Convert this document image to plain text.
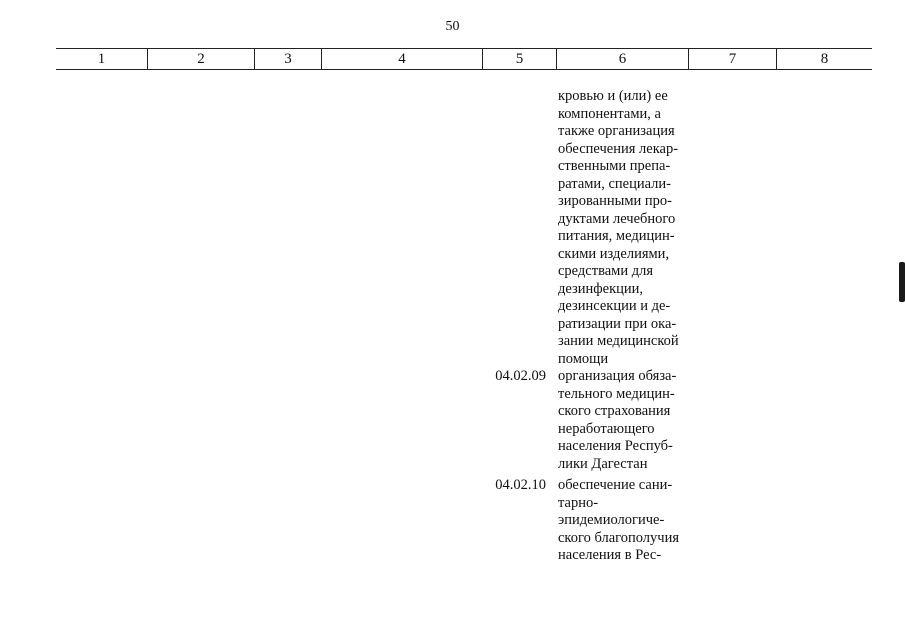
50
1	2	3	4	5	6	7	8
кровью и (или) ее
компонентами, а
также организация
обеспечения лекар-
ственными препа-
ратами, специали-
зированными про-
дуктами лечебного
питания, медицин-
скими изделиями,
средствами для
дезинфекции,
дезинсекции и де-
ратизации при ока-
зании медицинской
помощи
04.02.09 организация обяза-
тельного медицин-
ского страхования
неработающего
населения Респуб-
лики Дагестан
04.02.10 обеспечение сани-
тарно-
эпидемиологиче-
ского благополучия
населения в Рес-
